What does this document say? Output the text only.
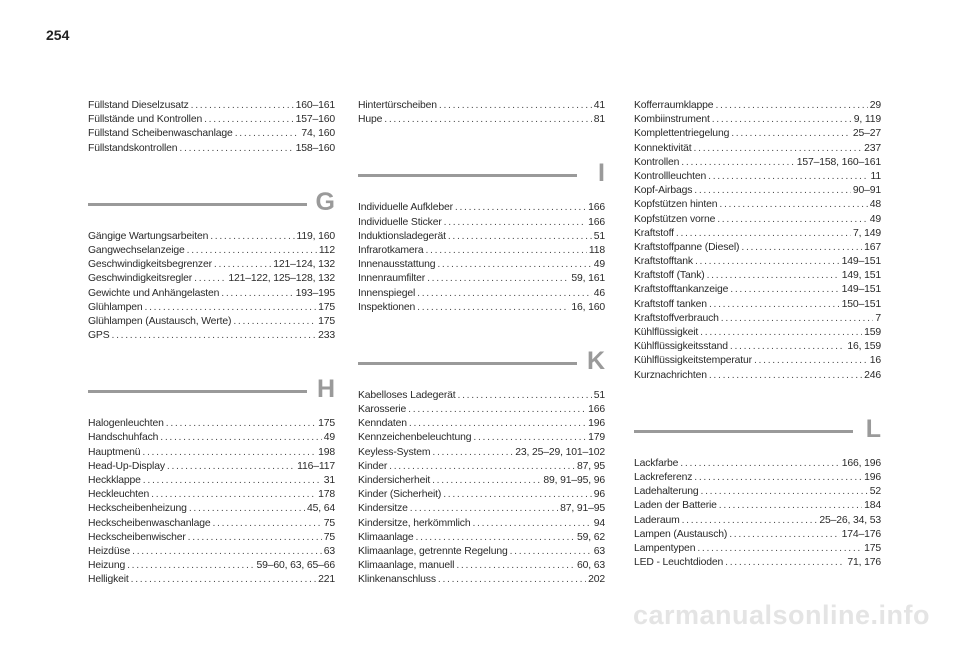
254
Füllstand Dieselzusatz . . .	160–161
Füllstände und Kontrollen . . .	157–160
Füllstand Scheibenwaschanlage . . .	74, 160
Füllstandskontrollen . . .	158–160
G
Gängige Wartungsarbeiten . . .	119, 160
Gangwechselanzeige . . .	112
Geschwindigkeitsbegrenzer . . .	121–124, 132
Geschwindigkeitsregler . . .	121–122, 125–128, 132
Gewichte und Anhängelasten . . .	193–195
Glühlampen . . .	175
Glühlampen (Austausch, Werte) . . .	175
GPS . . .	233
H
Halogenleuchten . . .	175
Handschuhfach . . .	49
Hauptmenü . . .	198
Head-Up-Display . . .	116–117
Heckklappe . . .	31
Heckleuchten . . .	178
Heckscheibenheizung . . .	45, 64
Heckscheibenwaschanlage . . .	75
Heckscheibenwischer . . .	75
Heizdüse . . .	63
Heizung . . .	59–60, 63, 65–66
Helligkeit . . .	221
Hintertürscheiben . . .	41
Hupe . . .	81
I
Individuelle Aufkleber . . .	166
Individuelle Sticker . . .	166
Induktionsladegerät . . .	51
Infrarotkamera . . .	118
Innenausstattung . . .	49
Innenraumfilter . . .	59, 161
Innenspiegel . . .	46
Inspektionen . . .	16, 160
K
Kabelloses Ladegerät . . .	51
Karosserie . . .	166
Kenndaten . . .	196
Kennzeichenbeleuchtung . . .	179
Keyless-System . . .	23, 25–29, 101–102
Kinder . . .	87, 95
Kindersicherheit . . .	89, 91–95, 96
Kinder (Sicherheit) . . .	96
Kindersitze . . .	87, 91–95
Kindersitze, herkömmlich . . .	94
Klimaanlage . . .	59, 62
Klimaanlage, getrennte Regelung . . .	63
Klimaanlage, manuell . . .	60, 63
Klinkenanschluss . . .	202
Kofferraumklappe . . .	29
Kombiinstrument . . .	9, 119
Komplettentriegelung . . .	25–27
Konnektivität . . .	237
Kontrollen . . .	157–158, 160–161
Kontrollleuchten . . .	11
Kopf-Airbags . . .	90–91
Kopfstützen hinten . . .	48
Kopfstützen vorne . . .	49
Kraftstoff . . .	7, 149
Kraftstoffpanne (Diesel) . . .	167
Kraftstofftank . . .	149–151
Kraftstoff (Tank) . . .	149, 151
Kraftstofftankanzeige . . .	149–151
Kraftstoff tanken . . .	150–151
Kraftstoffverbrauch . . .	7
Kühlflüssigkeit . . .	159
Kühlflüssigkeitsstand . . .	16, 159
Kühlflüssigkeitstemperatur . . .	16
Kurznachrichten . . .	246
L
Lackfarbe . . .	166, 196
Lackreferenz . . .	196
Ladehalterung . . .	52
Laden der Batterie . . .	184
Laderaum . . .	25–26, 34, 53
Lampen (Austausch) . . .	174–176
Lampentypen . . .	175
LED - Leuchtdioden . . .	71, 176
carmanualsonline.info
